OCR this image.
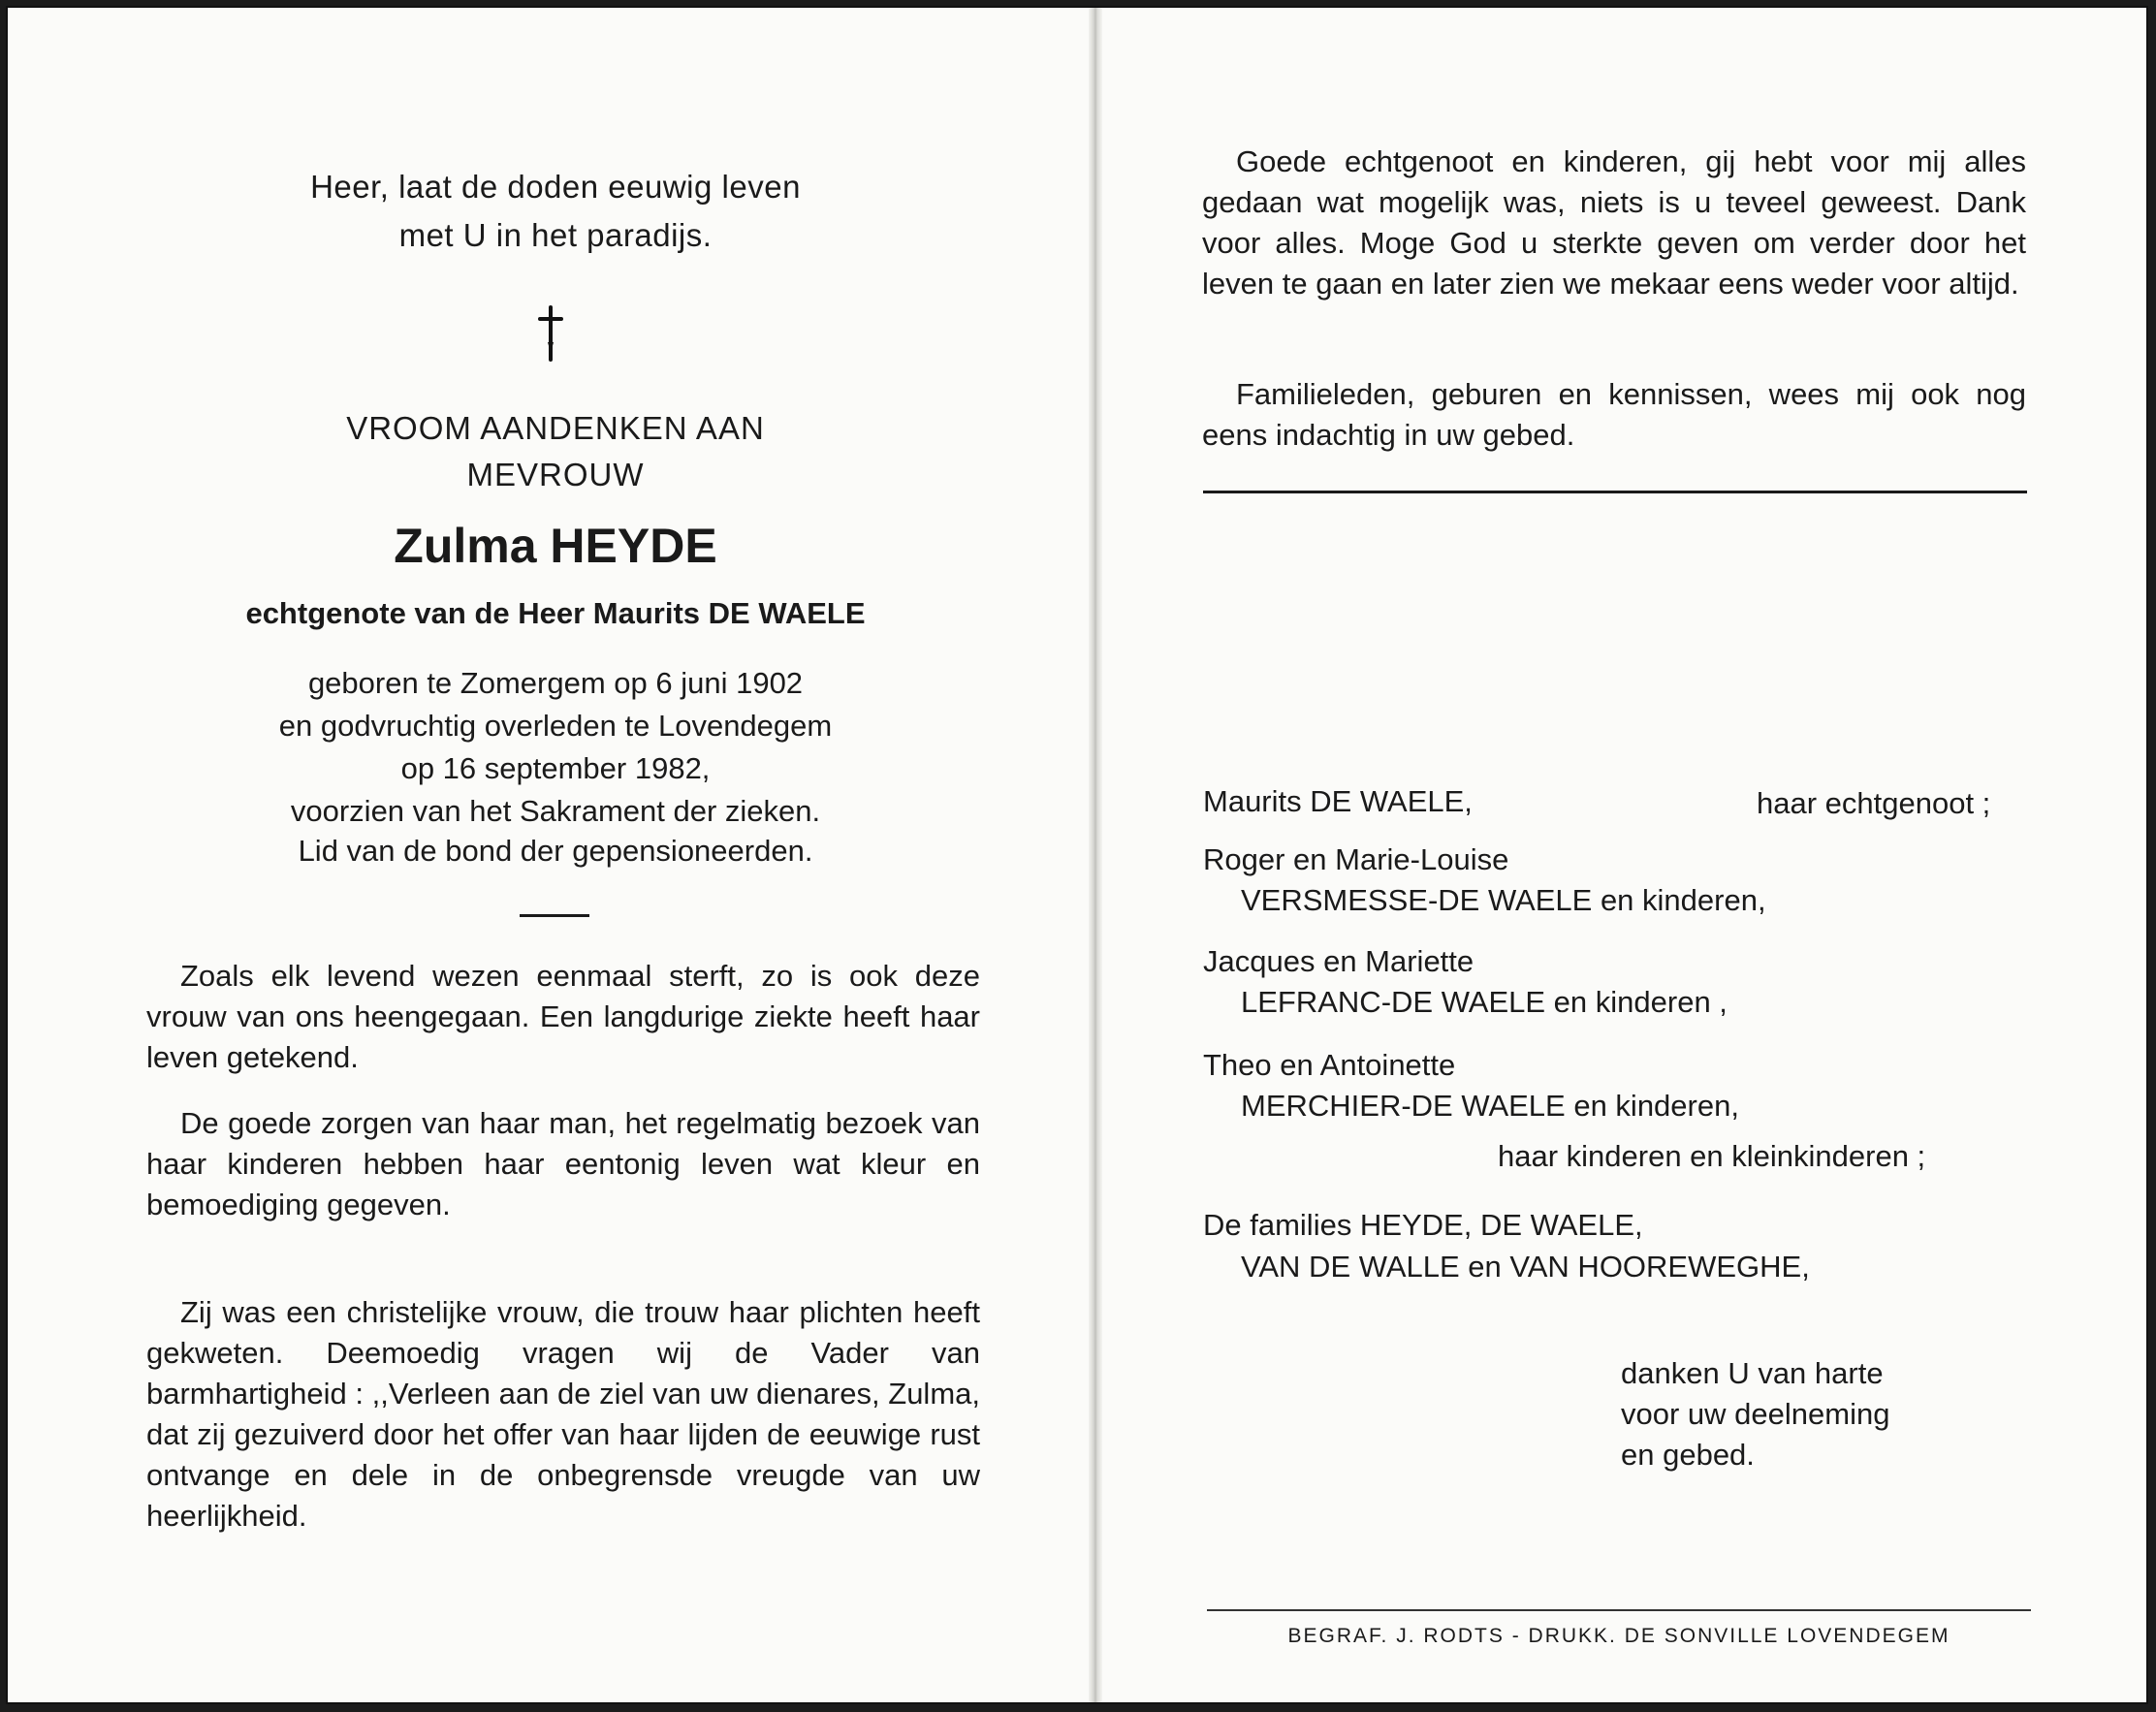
Heer, laat de doden eeuwig leven
met U in het paradijs.
VROOM AANDENKEN AAN
MEVROUW
Zulma HEYDE
echtgenote van de Heer Maurits DE WAELE
geboren te Zomergem op 6 juni 1902
en godvruchtig overleden te Lovendegem
op 16 september 1982,
voorzien van het Sakrament der zieken.
Lid van de bond der gepensioneerden.
Zoals elk levend wezen eenmaal sterft, zo is ook deze vrouw van ons heengegaan. Een langdurige ziekte heeft haar leven getekend.
De goede zorgen van haar man, het regelmatig bezoek van haar kinderen hebben haar eentonig leven wat kleur en bemoediging gegeven.
Zij was een christelijke vrouw, die trouw haar plichten heeft gekweten. Deemoedig vragen wij de Vader van barmhartigheid : ,,Verleen aan de ziel van uw dienares, Zulma, dat zij gezuiverd door het offer van haar lijden de eeuwige rust ontvange en dele in de onbegrensde vreugde van uw heerlijkheid.
Goede echtgenoot en kinderen, gij hebt voor mij alles gedaan wat mogelijk was, niets is u teveel geweest. Dank voor alles. Moge God u sterkte geven om verder door het leven te gaan en later zien we mekaar eens weder voor altijd.
Familieleden, geburen en kennissen, wees mij ook nog eens indachtig in uw gebed.
Maurits DE WAELE,	haar echtgenoot ;
Roger en Marie-Louise
VERSMESSE-DE WAELE en kinderen,
Jacques en Mariette
LEFRANC-DE WAELE en kinderen ,
Theo en Antoinette
MERCHIER-DE WAELE en kinderen,
haar kinderen en kleinkinderen ;
De families HEYDE, DE WAELE,
VAN DE WALLE en VAN HOOREWEGHE,
danken U van harte
voor uw deelneming
en gebed.
BEGRAF. J. RODTS - DRUKK. DE SONVILLE LOVENDEGEM
